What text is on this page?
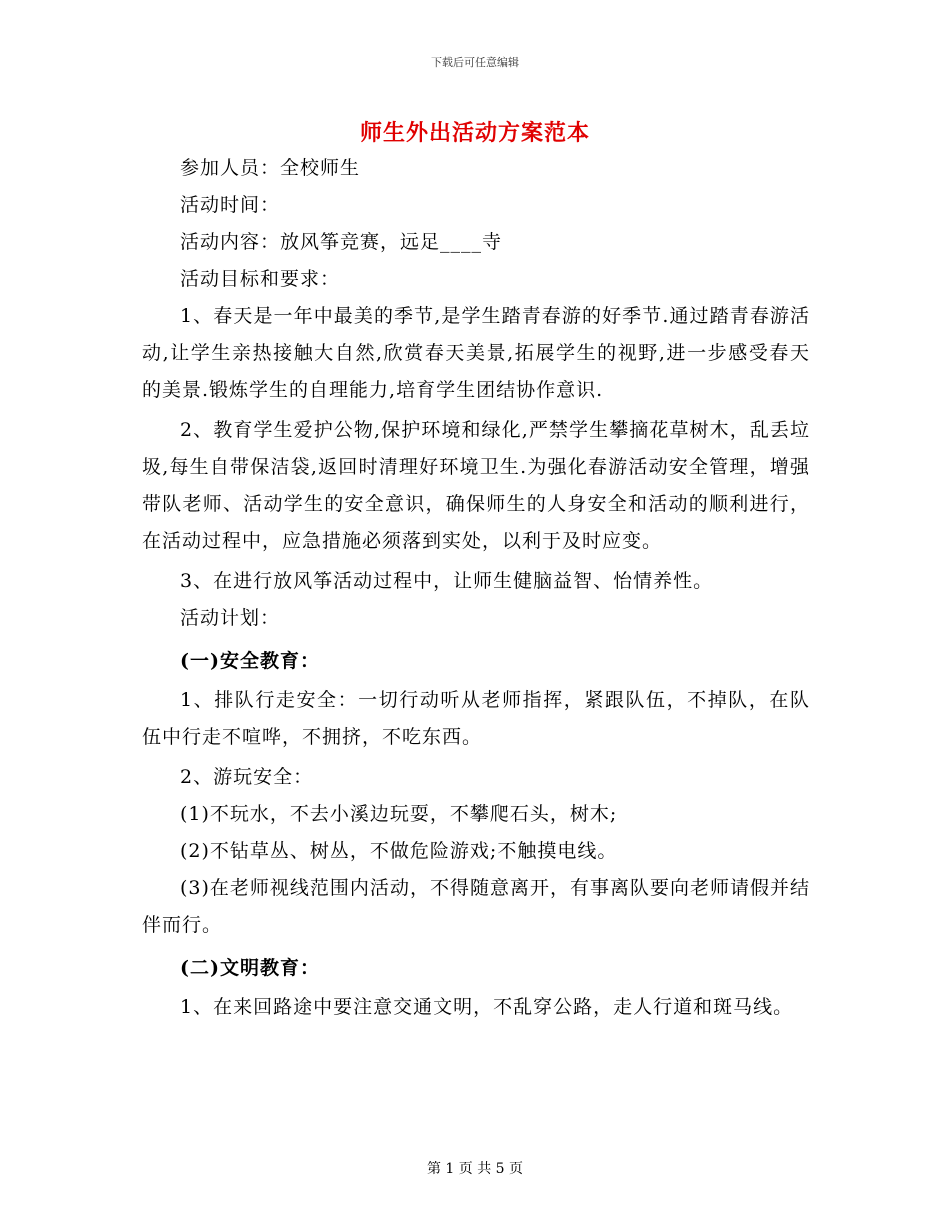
下载后可任意编辑
师生外出活动方案范本

参加人员：全校师生

活动时间：

活动内容：放风筝竞赛，远足____寺

活动目标和要求：

1、春天是一年中最美的季节,是学生踏青春游的好季节.通过踏青春游活动,让学生亲热接触大自然,欣赏春天美景,拓展学生的视野,进一步感受春天的美景.锻炼学生的自理能力,培育学生团结协作意识.

2、教育学生爱护公物,保护环境和绿化,严禁学生攀摘花草树木，乱丢垃圾,每生自带保洁袋,返回时清理好环境卫生.为强化春游活动安全管理，增强带队老师、活动学生的安全意识，确保师生的人身安全和活动的顺利进行，在活动过程中，应急措施必须落到实处，以利于及时应变。

3、在进行放风筝活动过程中，让师生健脑益智、怡情养性。

活动计划：

(一)安全教育：

1、排队行走安全：一切行动听从老师指挥，紧跟队伍，不掉队，在队伍中行走不喧哗，不拥挤，不吃东西。

2、游玩安全：

(1)不玩水，不去小溪边玩耍，不攀爬石头，树木;

(2)不钻草丛、树丛，不做危险游戏;不触摸电线。

(3)在老师视线范围内活动，不得随意离开，有事离队要向老师请假并结伴而行。

(二)文明教育：

1、在来回路途中要注意交通文明，不乱穿公路，走人行道和斑马线。

第 1 页 共 5 页
